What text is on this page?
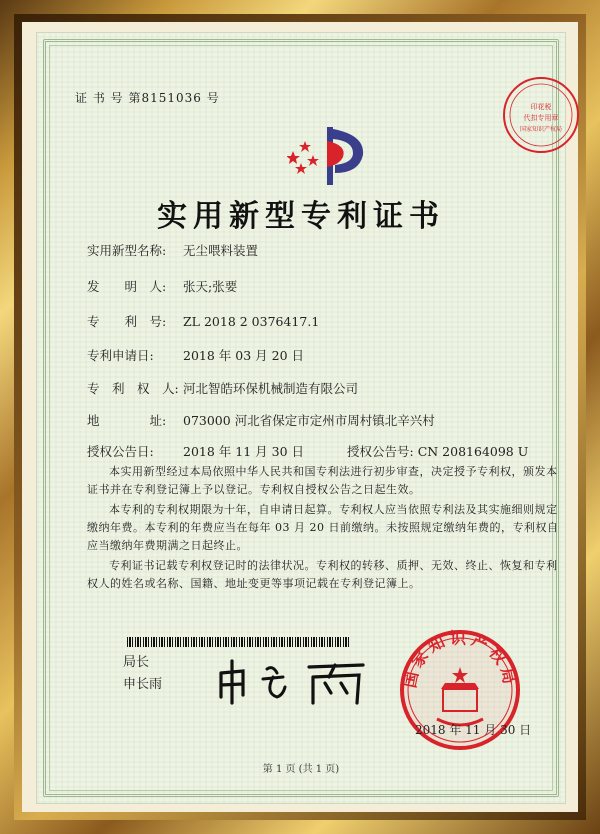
证 书 号 第8151036 号
印花税
代扣专用章
国家知识产权局
实用新型专利证书
实用新型名称: 无尘喂料装置
发　　明　人: 张天;张要
专　　利　号: ZL 2018 2 0376417.1
专利申请日: 2018 年 03 月 20 日
专　利　权　人: 河北智皓环保机械制造有限公司
地　　　　址: 073000 河北省保定市定州市周村镇北辛兴村
授权公告日: 2018 年 11 月 30 日	授权公告号: CN 208164098 U
本实用新型经过本局依照中华人民共和国专利法进行初步审查，决定授予专利权，颁发本证书并在专利登记簿上予以登记。专利权自授权公告之日起生效。
本专利的专利权期限为十年，自申请日起算。专利权人应当依照专利法及其实施细则规定缴纳年费。本专利的年费应当在每年 03 月 20 日前缴纳。未按照规定缴纳年费的，专利权自应当缴纳年费期满之日起终止。
专利证书记载专利权登记时的法律状况。专利权的转移、质押、无效、终止、恢复和专利权人的姓名或名称、国籍、地址变更等事项记载在专利登记簿上。
局长
申长雨	国家知识产权局
2018 年 11 月 30 日
第 1 页 (共 1 页)
